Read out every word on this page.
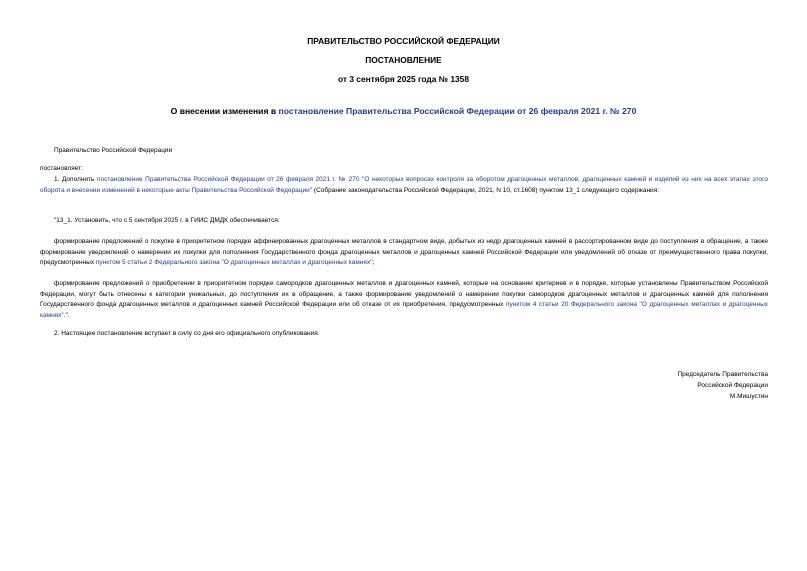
ПРАВИТЕЛЬСТВО РОССИЙСКОЙ ФЕДЕРАЦИИ
ПОСТАНОВЛЕНИЕ
от 3 сентября 2025 года № 1358
О внесении изменения в постановление Правительства Российской Федерации от 26 февраля 2021 г. № 270
Правительство Российской Федерации
постановляет:
1. Дополнить постановление Правительства Российской Федерации от 26 февраля 2021 г. № 270 "О некоторых вопросах контроля за оборотом драгоценных металлов, драгоценных камней и изделий из них на всех этапах этого оборота и внесении изменений в некоторые акты Правительства Российской Федерации" (Собрание законодательства Российской Федерации, 2021, N 10, ст.1608) пунктом 13_1 следующего содержания:
"13_1. Установить, что с 5 сентября 2025 г. в ГИИС ДМДК обеспечивается:
формирование предложений о покупке в приоритетном порядке аффинированных драгоценных металлов в стандартном виде, добытых из недр драгоценных камней в рассортированном виде до поступления в обращение, а также формирование уведомлений о намерении их покупки для пополнения Государственного фонда драгоценных металлов и драгоценных камней Российской Федерации или уведомлений об отказе от преимущественного права покупки, предусмотренных пунктом 5 статьи 2 Федерального закона "О драгоценных металлах и драгоценных камнях";
формирование предложений о приобретении в приоритетном порядке самородков драгоценных металлов и драгоценных камней, которые на основании критериев и в порядке, которые установлены Правительством Российской Федерации, могут быть отнесены к категории уникальных, до поступления их в обращение, а также формирование уведомлений о намерении покупки самородков драгоценных металлов и драгоценных камней для пополнения Государственного фонда драгоценных металлов и драгоценных камней Российской Федерации или об отказе от их приобретения, предусмотренных пунктом 4 статьи 20 Федерального закона "О драгоценных металлах и драгоценных камнях".".
2. Настоящее постановление вступает в силу со дня его официального опубликования.
Председатель Правительства
Российской Федерации
М.Мишустин
